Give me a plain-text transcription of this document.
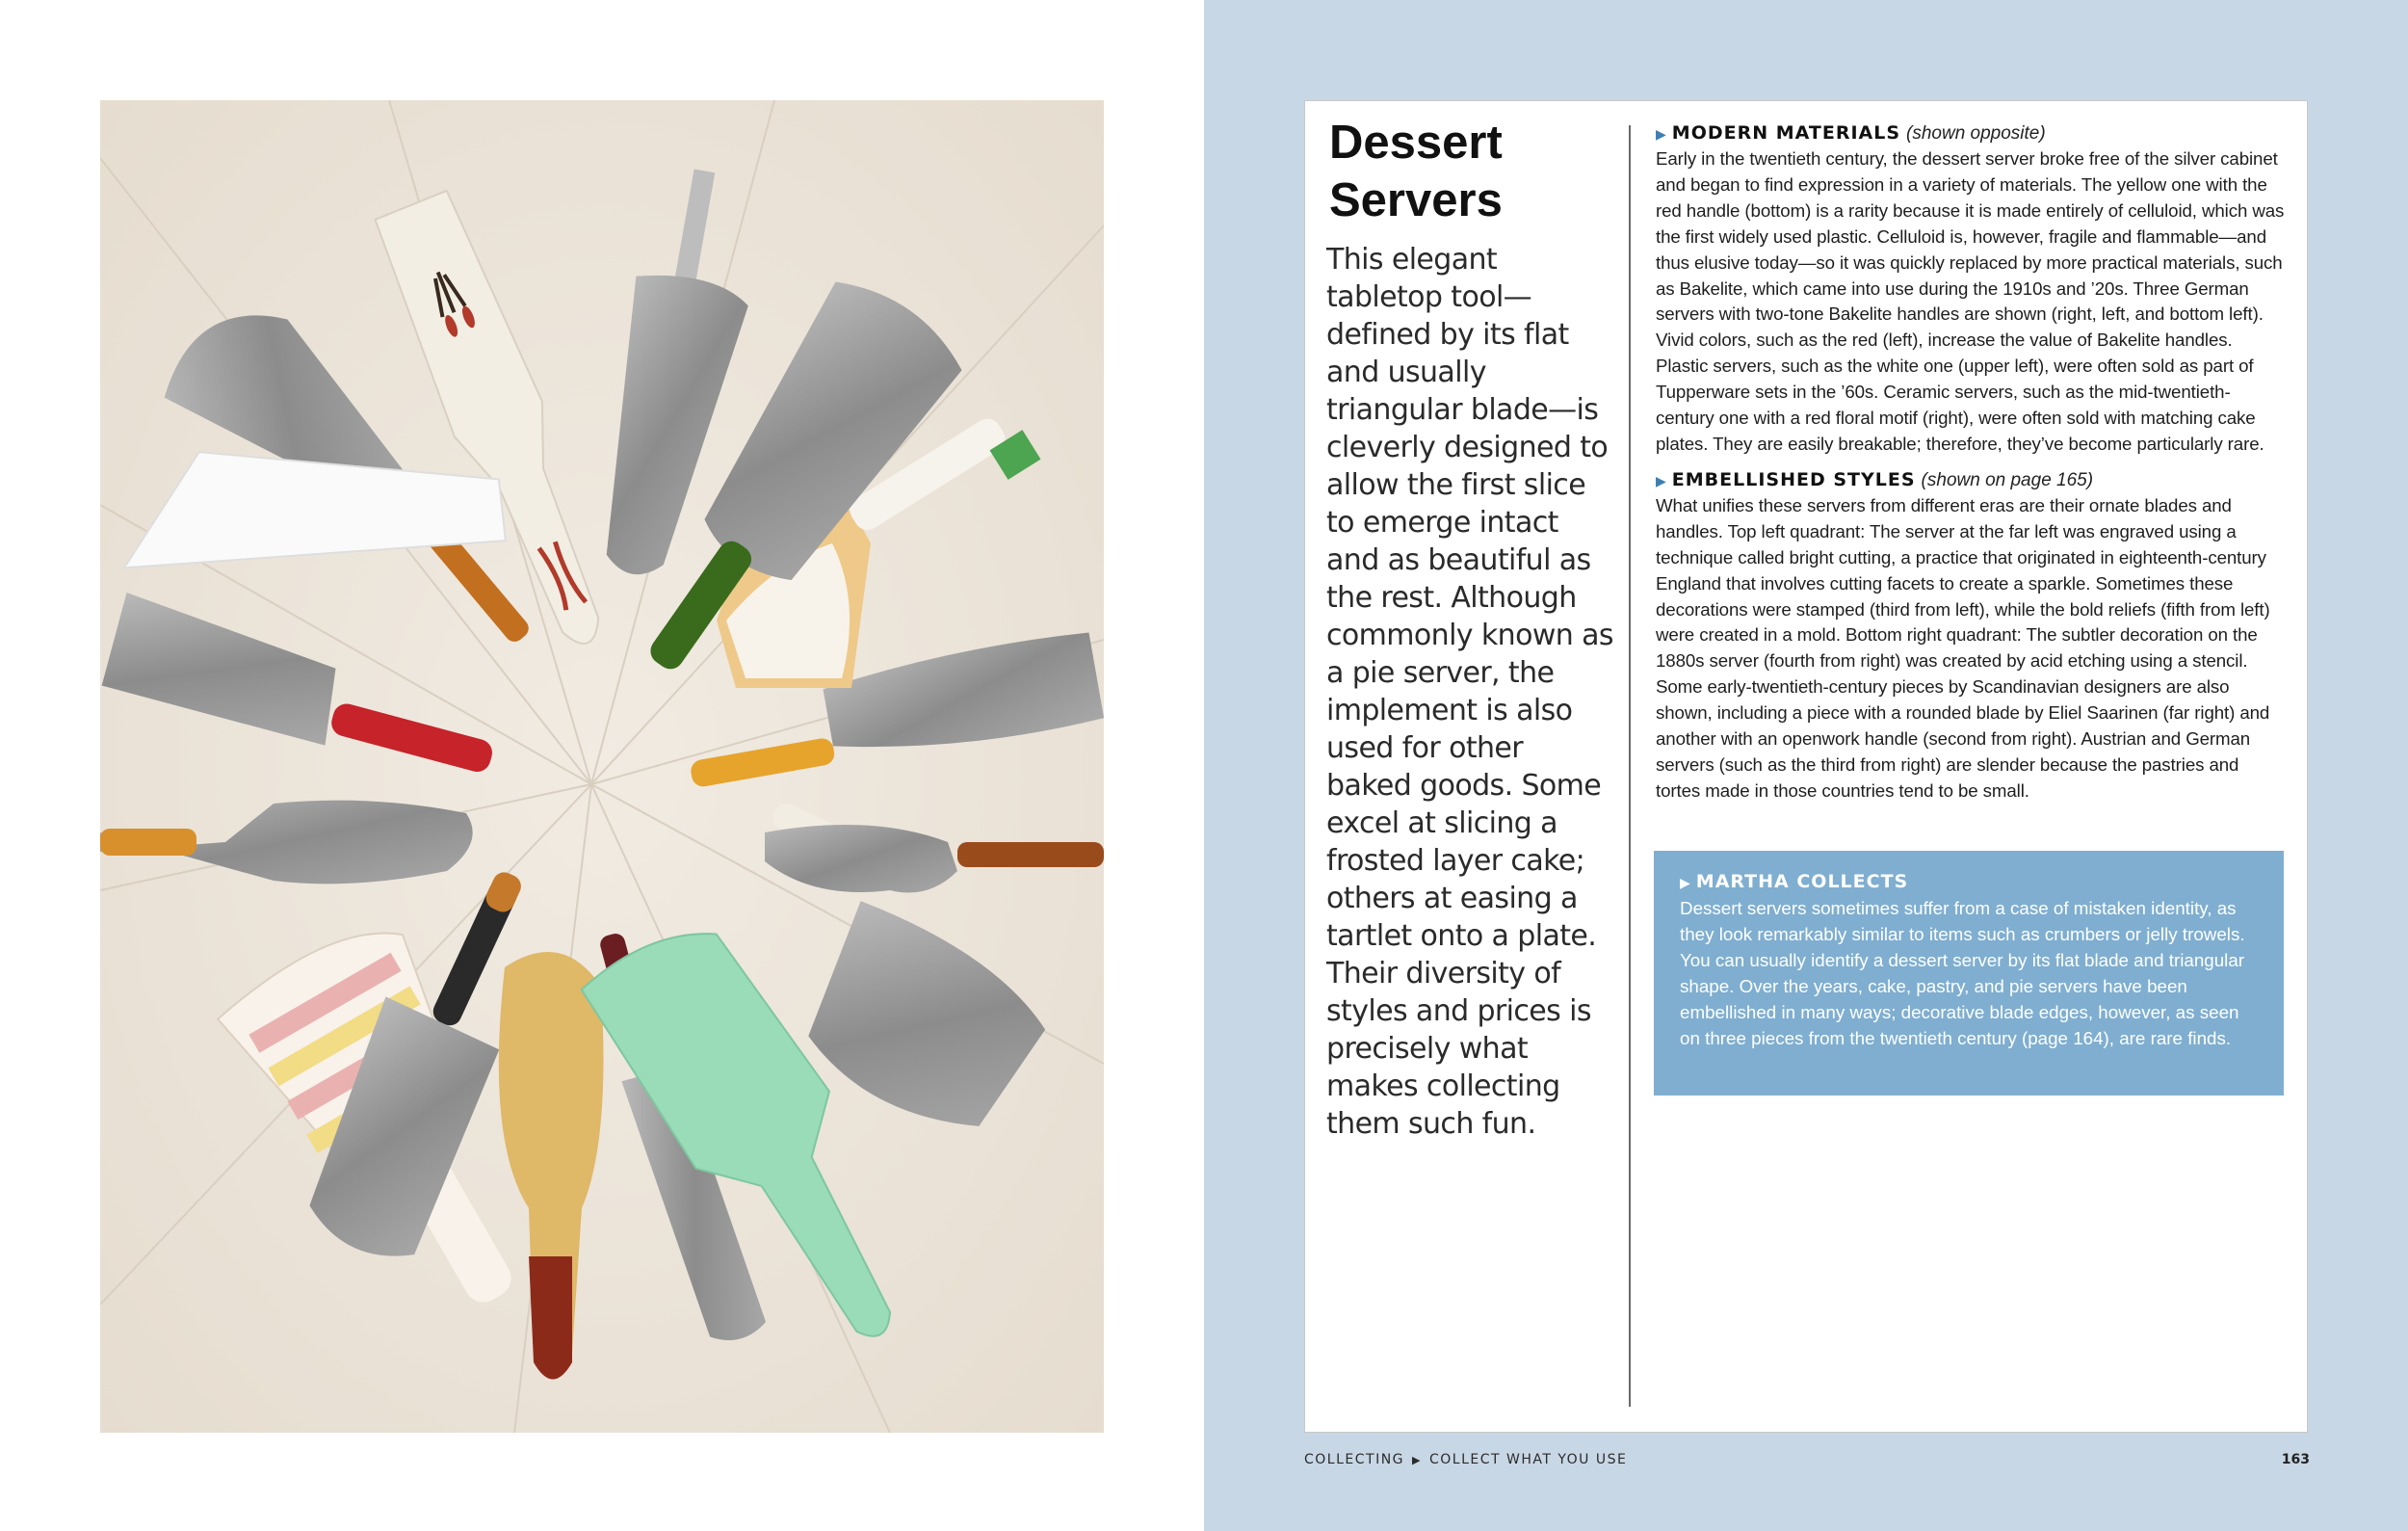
Dessert Servers

This elegant tabletop tool—defined by its flat and usually triangular blade—is cleverly designed to allow the first slice to emerge intact and as beautiful as the rest. Although commonly known as a pie server, the implement is also used for other baked goods. Some excel at slicing a frosted layer cake; others at easing a tartlet onto a plate. Their diversity of styles and prices is precisely what makes collecting them such fun.

▶ MODERN MATERIALS (shown opposite)

Early in the twentieth century, the dessert server broke free of the silver cabinet and began to find expression in a variety of materials. The yellow one with the red handle (bottom) is a rarity because it is made entirely of celluloid, which was the first widely used plastic. Celluloid is, however, fragile and flammable—and thus elusive today—so it was quickly replaced by more practical materials, such as Bakelite, which came into use during the 1910s and ’20s. Three German servers with two-tone Bakelite handles are shown (right, left, and bottom left). Vivid colors, such as the red (left), increase the value of Bakelite handles. Plastic servers, such as the white one (upper left), were often sold as part of Tupperware sets in the ’60s. Ceramic servers, such as the mid-twentieth-century one with a red floral motif (right), were often sold with matching cake plates. They are easily breakable; therefore, they’ve become particularly rare.

▶ EMBELLISHED STYLES (shown on page 165)

What unifies these servers from different eras are their ornate blades and handles. Top left quadrant: The server at the far left was engraved using a technique called bright cutting, a practice that originated in eighteenth-century England that involves cutting facets to create a sparkle. Sometimes these decorations were stamped (third from left), while the bold reliefs (fifth from left) were created in a mold. Bottom right quadrant: The subtler decoration on the 1880s server (fourth from right) was created by acid etching using a stencil. Some early-twentieth-century pieces by Scandinavian designers are also shown, including a piece with a rounded blade by Eliel Saarinen (far right) and another with an openwork handle (second from right). Austrian and German servers (such as the third from right) are slender because the pastries and tortes made in those countries tend to be small.

▶ MARTHA COLLECTS

Dessert servers sometimes suffer from a case of mistaken identity, as they look remarkably similar to items such as crumbers or jelly trowels. You can usually identify a dessert server by its flat blade and triangular shape. Over the years, cake, pastry, and pie servers have been embellished in many ways; decorative blade edges, however, as seen on three pieces from the twentieth century (page 164), are rare finds.

COLLECTING ▶ COLLECT WHAT YOU USE	163
